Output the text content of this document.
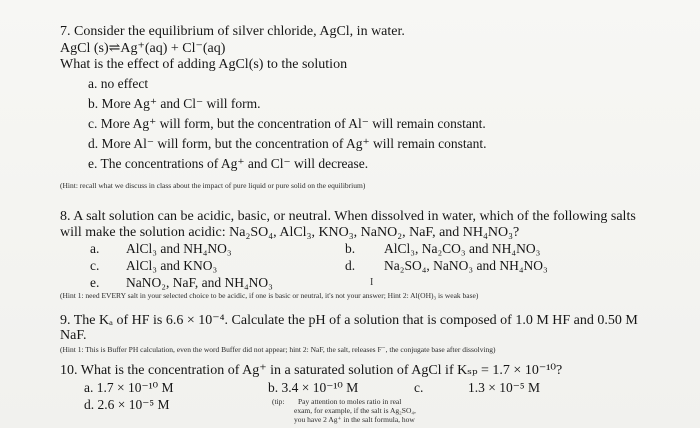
7. Consider the equilibrium of silver chloride, AgCl, in water.
AgCl (s)⇌Ag⁺(aq) + Cl⁻(aq)
What is the effect of adding AgCl(s) to the solution
a. no effect
b. More Ag⁺ and Cl⁻ will form.
c. More Ag⁺ will form, but the concentration of Al⁻ will remain constant.
d. More Al⁻ will form, but the concentration of Ag⁺ will remain constant.
e. The concentrations of Ag⁺ and Cl⁻ will decrease.
(Hint: recall what we discuss in class about the impact of pure liquid or pure solid on the equilibrium)
8. A salt solution can be acidic, basic, or neutral. When dissolved in water, which of the following salts
will make the solution acidic: Na₂SO₄, AlCl₃, KNO₃, NaNO₂, NaF, and NH₄NO₃?
a. AlCl₃ and NH₄NO₃	b. AlCl₃, Na₂CO₃ and NH₄NO₃
c. AlCl₃ and KNO₃	d. Na₂SO₄, NaNO₃ and NH₄NO₃
e. NaNO₂, NaF, and NH₄NO₃
(Hint 1: need EVERY salt in your selected choice to be acidic, if one is basic or neutral, it's not your answer; Hint 2: Al(OH)₃ is weak base)
I
9. The Kₐ of HF is 6.6 × 10⁻⁴. Calculate the pH of a solution that is composed of 1.0 M HF and 0.50 M
NaF.
(Hint 1: This is Buffer PH calculation, even the word Buffer did not appear; hint 2: NaF, the salt, releases F⁻, the conjugate base after dissolving)
10. What is the concentration of Ag⁺ in a saturated solution of AgCl if Kₛₚ = 1.7 × 10⁻¹⁰?
a. 1.7 × 10⁻¹⁰ M	b. 3.4 × 10⁻¹⁰ M	c.	1.3 × 10⁻⁵ M
d. 2.6 × 10⁻⁵ M	(tip: Pay attention to moles ratio in real
exam, for example, if the salt is Ag₂SO₄,
you have 2 Ag⁺ in the salt formula, how
